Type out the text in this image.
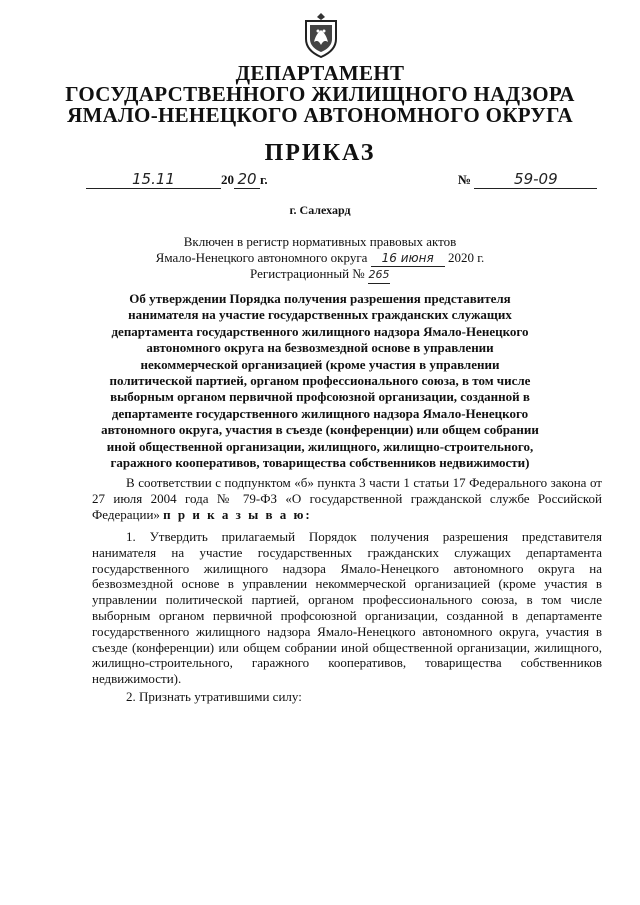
ДЕПАРТАМЕНТ
ГОСУДАРСТВЕННОГО ЖИЛИЩНОГО НАДЗОРА
ЯМАЛО-НЕНЕЦКОГО АВТОНОМНОГО ОКРУГА
ПРИКАЗ
15.11	20 20 г.	№	59-09
г. Салехард
Включен в регистр нормативных правовых актов
Ямало-Ненецкого автономного округа 16 июня 2020 г.
Регистрационный № 265
Об утверждении Порядка получения разрешения представителя нанимателя на участие государственных гражданских служащих департамента государственного жилищного надзора Ямало-Ненецкого автономного округа на безвозмездной основе в управлении некоммерческой организацией (кроме участия в управлении политической партией, органом профессионального союза, в том числе выборным органом первичной профсоюзной организации, созданной в департаменте государственного жилищного надзора Ямало-Ненецкого автономного округа, участия в съезде (конференции) или общем собрании иной общественной организации, жилищного, жилищно-строительного, гаражного кооперативов, товарищества собственников недвижимости)
В соответствии с подпунктом «б» пункта 3 части 1 статьи 17 Федерального закона от 27 июля 2004 года № 79-ФЗ «О государственной гражданской службе Российской Федерации» п р и к а з ы в а ю:
1. Утвердить прилагаемый Порядок получения разрешения представителя нанимателя на участие государственных гражданских служащих департамента государственного жилищного надзора Ямало-Ненецкого автономного округа на безвозмездной основе в управлении некоммерческой организацией (кроме участия в управлении политической партией, органом профессионального союза, в том числе выборным органом первичной профсоюзной организации, созданной в департаменте государственного жилищного надзора Ямало-Ненецкого автономного округа, участия в съезде (конференции) или общем собрании иной общественной организации, жилищного, жилищно-строительного, гаражного кооперативов, товарищества собственников недвижимости).
2. Признать утратившими силу:
